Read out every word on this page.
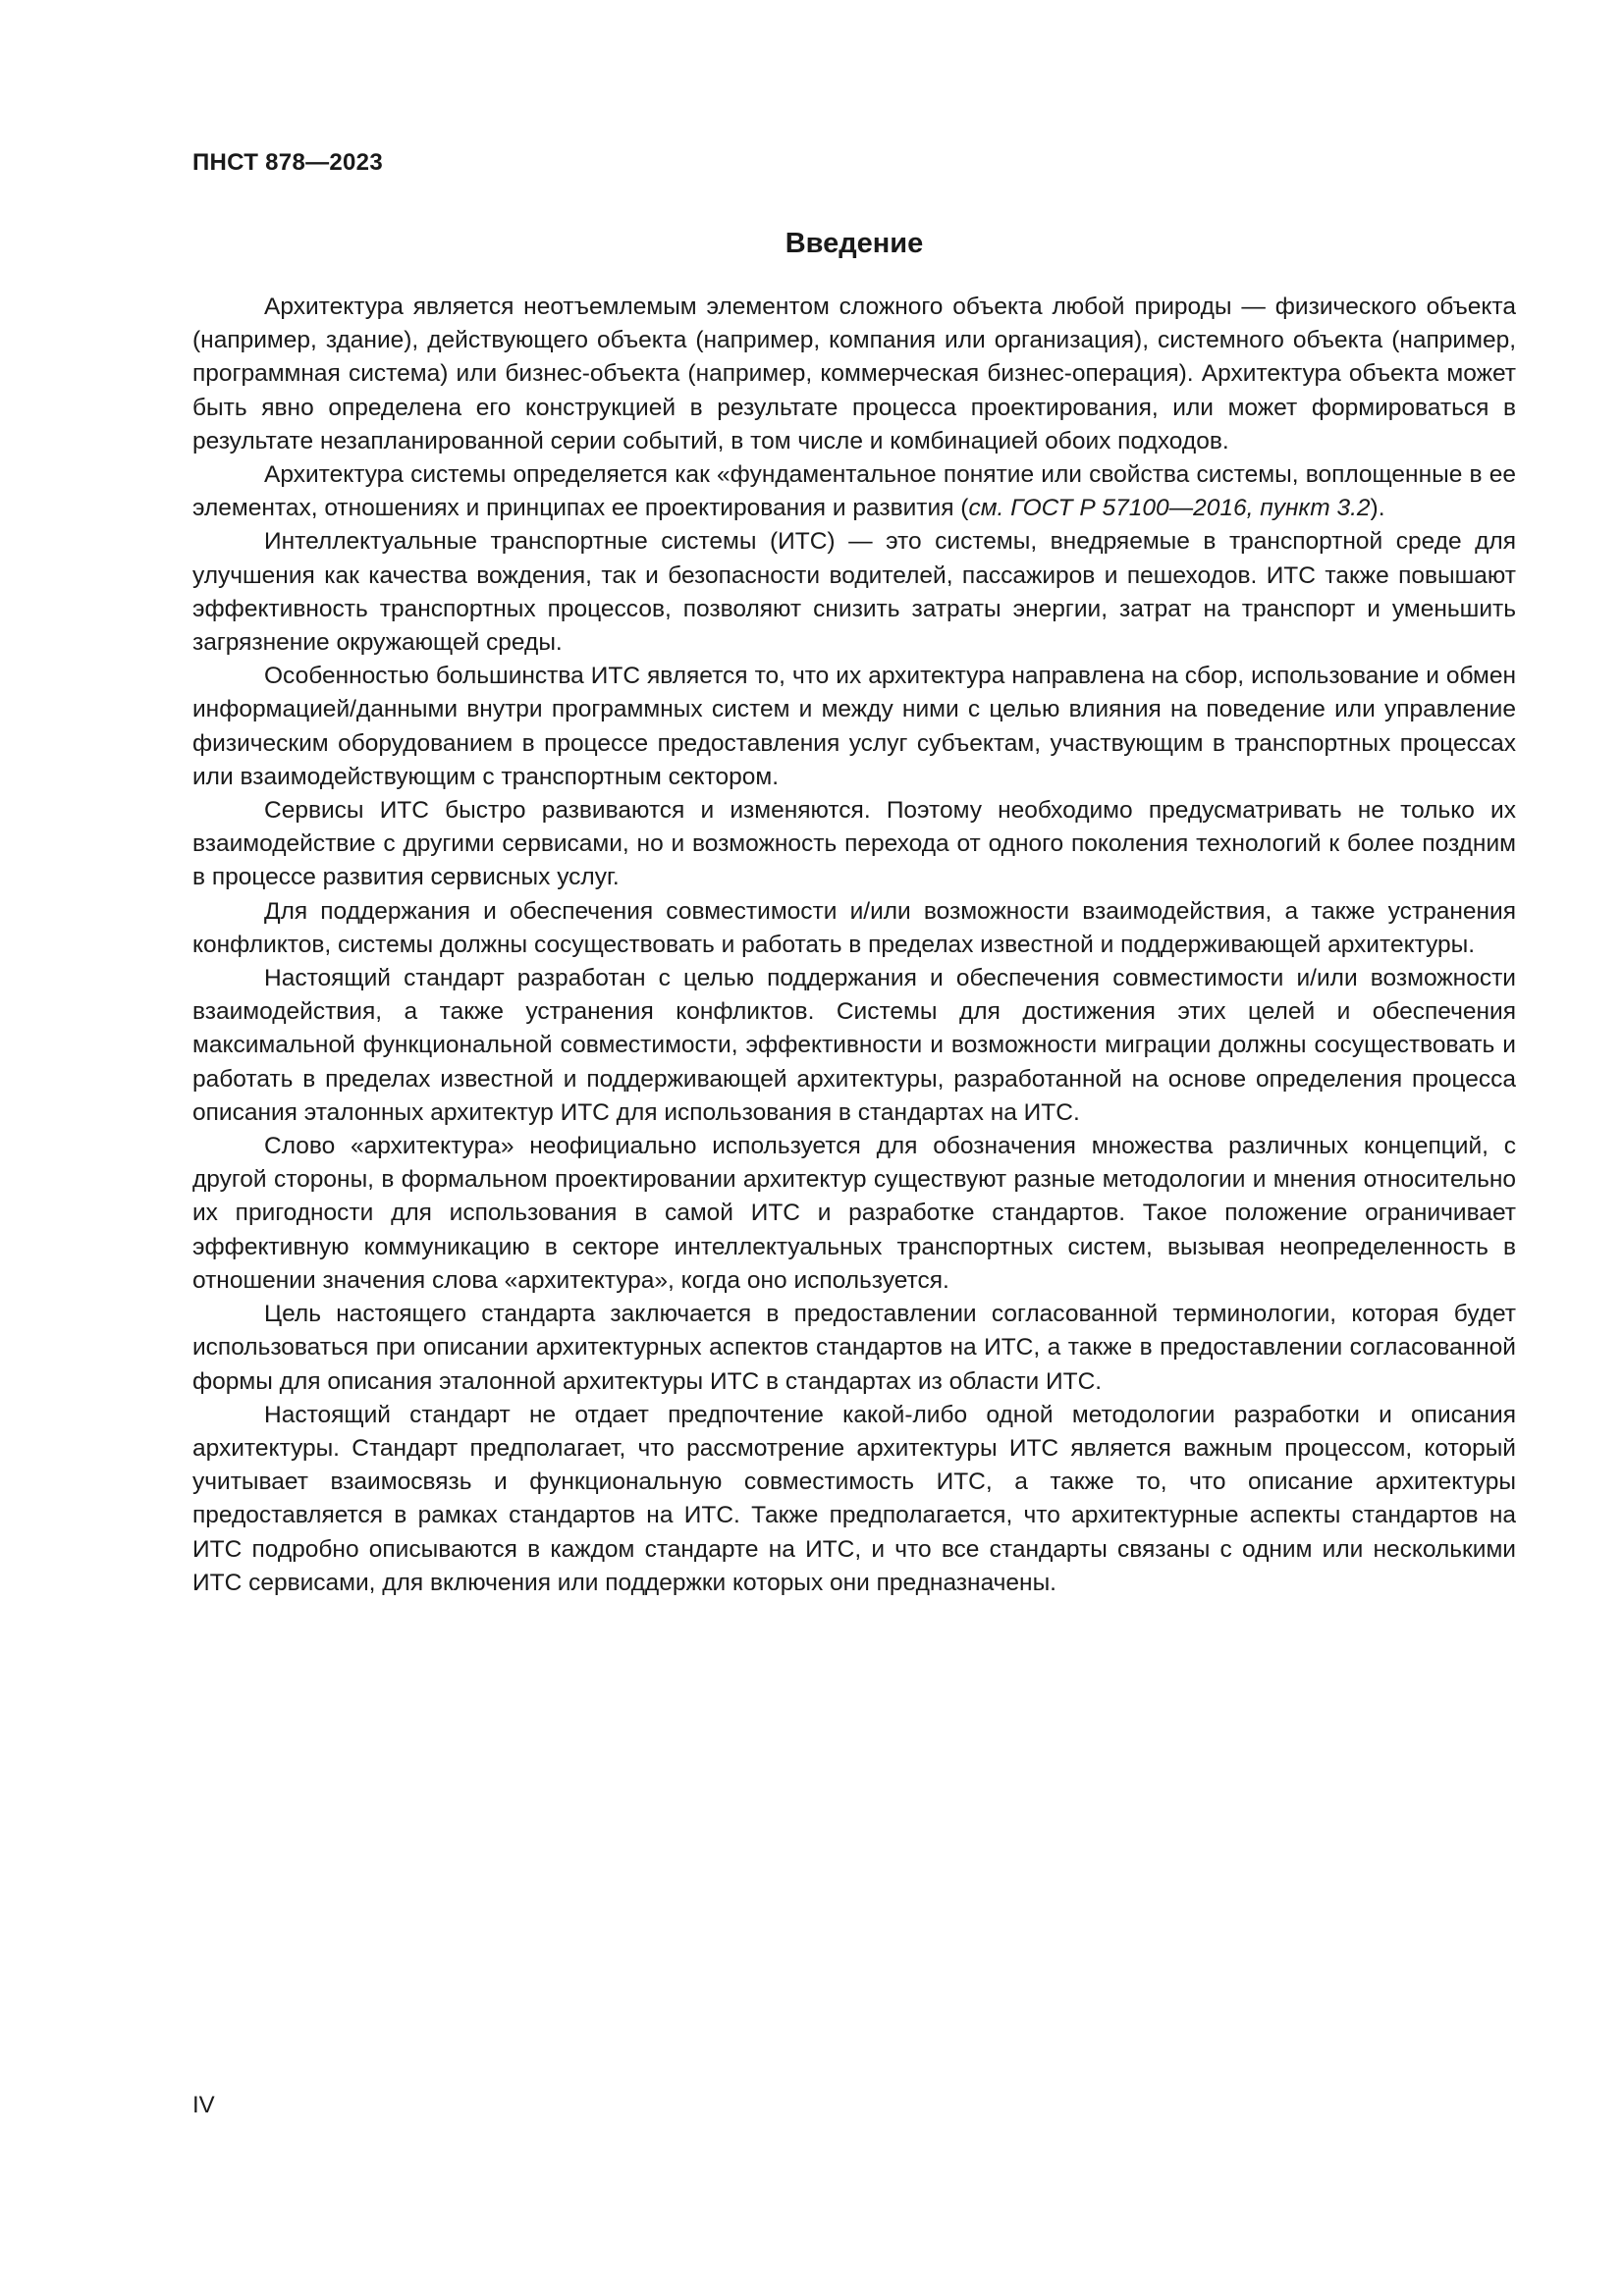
ПНСТ 878—2023
Введение

Архитектура является неотъемлемым элементом сложного объекта любой природы — физического объекта (например, здание), действующего объекта (например, компания или организация), системного объекта (например, программная система) или бизнес-объекта (например, коммерческая бизнес-операция). Архитектура объекта может быть явно определена его конструкцией в результате процесса проектирования, или может формироваться в результате незапланированной серии событий, в том числе и комбинацией обоих подходов.

Архитектура системы определяется как «фундаментальное понятие или свойства системы, воплощенные в ее элементах, отношениях и принципах ее проектирования и развития (см. ГОСТ Р 57100—2016, пункт 3.2).

Интеллектуальные транспортные системы (ИТС) — это системы, внедряемые в транспортной среде для улучшения как качества вождения, так и безопасности водителей, пассажиров и пешеходов. ИТС также повышают эффективность транспортных процессов, позволяют снизить затраты энергии, затрат на транспорт и уменьшить загрязнение окружающей среды.

Особенностью большинства ИТС является то, что их архитектура направлена на сбор, использование и обмен информацией/данными внутри программных систем и между ними с целью влияния на поведение или управление физическим оборудованием в процессе предоставления услуг субъектам, участвующим в транспортных процессах или взаимодействующим с транспортным сектором.

Сервисы ИТС быстро развиваются и изменяются. Поэтому необходимо предусматривать не только их взаимодействие с другими сервисами, но и возможность перехода от одного поколения технологий к более поздним в процессе развития сервисных услуг.

Для поддержания и обеспечения совместимости и/или возможности взаимодействия, а также устранения конфликтов, системы должны сосуществовать и работать в пределах известной и поддерживающей архитектуры.

Настоящий стандарт разработан с целью поддержания и обеспечения совместимости и/или возможности взаимодействия, а также устранения конфликтов. Системы для достижения этих целей и обеспечения максимальной функциональной совместимости, эффективности и возможности миграции должны сосуществовать и работать в пределах известной и поддерживающей архитектуры, разработанной на основе определения процесса описания эталонных архитектур ИТС для использования в стандартах на ИТС.

Слово «архитектура» неофициально используется для обозначения множества различных концепций, с другой стороны, в формальном проектировании архитектур существуют разные методологии и мнения относительно их пригодности для использования в самой ИТС и разработке стандартов. Такое положение ограничивает эффективную коммуникацию в секторе интеллектуальных транспортных систем, вызывая неопределенность в отношении значения слова «архитектура», когда оно используется.

Цель настоящего стандарта заключается в предоставлении согласованной терминологии, которая будет использоваться при описании архитектурных аспектов стандартов на ИТС, а также в предоставлении согласованной формы для описания эталонной архитектуры ИТС в стандартах из области ИТС.

Настоящий стандарт не отдает предпочтение какой-либо одной методологии разработки и описания архитектуры. Стандарт предполагает, что рассмотрение архитектуры ИТС является важным процессом, который учитывает взаимосвязь и функциональную совместимость ИТС, а также то, что описание архитектуры предоставляется в рамках стандартов на ИТС. Также предполагается, что архитектурные аспекты стандартов на ИТС подробно описываются в каждом стандарте на ИТС, и что все стандарты связаны с одним или несколькими ИТС сервисами, для включения или поддержки которых они предназначены.

IV
